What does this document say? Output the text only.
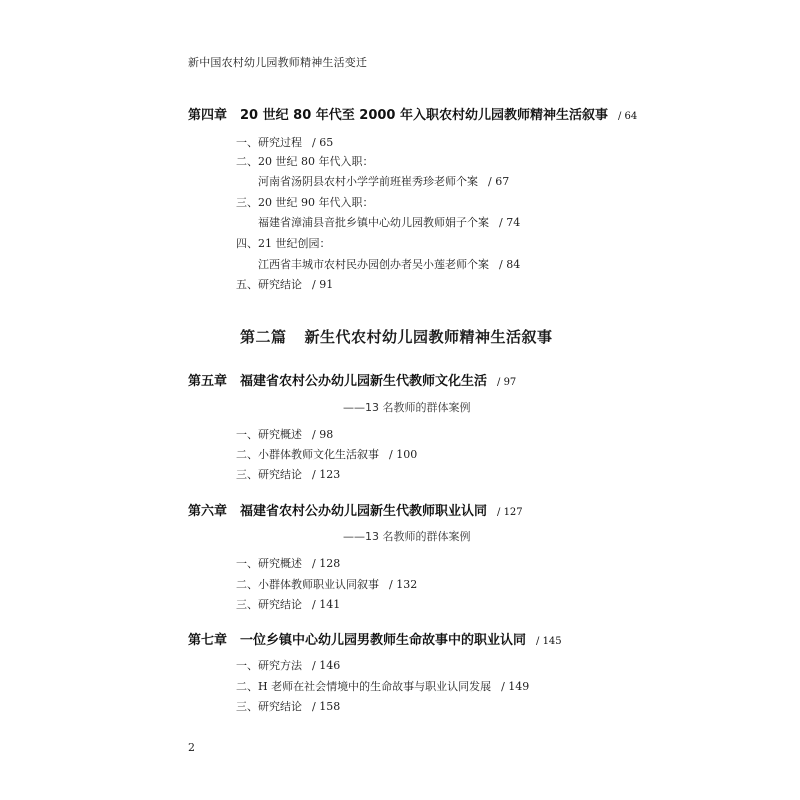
新中国农村幼儿园教师精神生活变迁
第四章 20 世纪 80 年代至 2000 年入职农村幼儿园教师精神生活叙事 / 64
一、研究过程 / 65
二、20 世纪 80 年代入职：
河南省汤阴县农村小学学前班崔秀珍老师个案 / 67
三、20 世纪 90 年代入职：
福建省漳浦县音批乡镇中心幼儿园教师娟子个案 / 74
四、21 世纪创园：
江西省丰城市农村民办园创办者吴小莲老师个案 / 84
五、研究结论 / 91
第二篇 新生代农村幼儿园教师精神生活叙事
第五章 福建省农村公办幼儿园新生代教师文化生活 / 97
——13 名教师的群体案例
一、研究概述 / 98
二、小群体教师文化生活叙事 / 100
三、研究结论 / 123
第六章 福建省农村公办幼儿园新生代教师职业认同 / 127
——13 名教师的群体案例
一、研究概述 / 128
二、小群体教师职业认同叙事 / 132
三、研究结论 / 141
第七章 一位乡镇中心幼儿园男教师生命故事中的职业认同 / 145
一、研究方法 / 146
二、H 老师在社会情境中的生命故事与职业认同发展 / 149
三、研究结论 / 158
2
